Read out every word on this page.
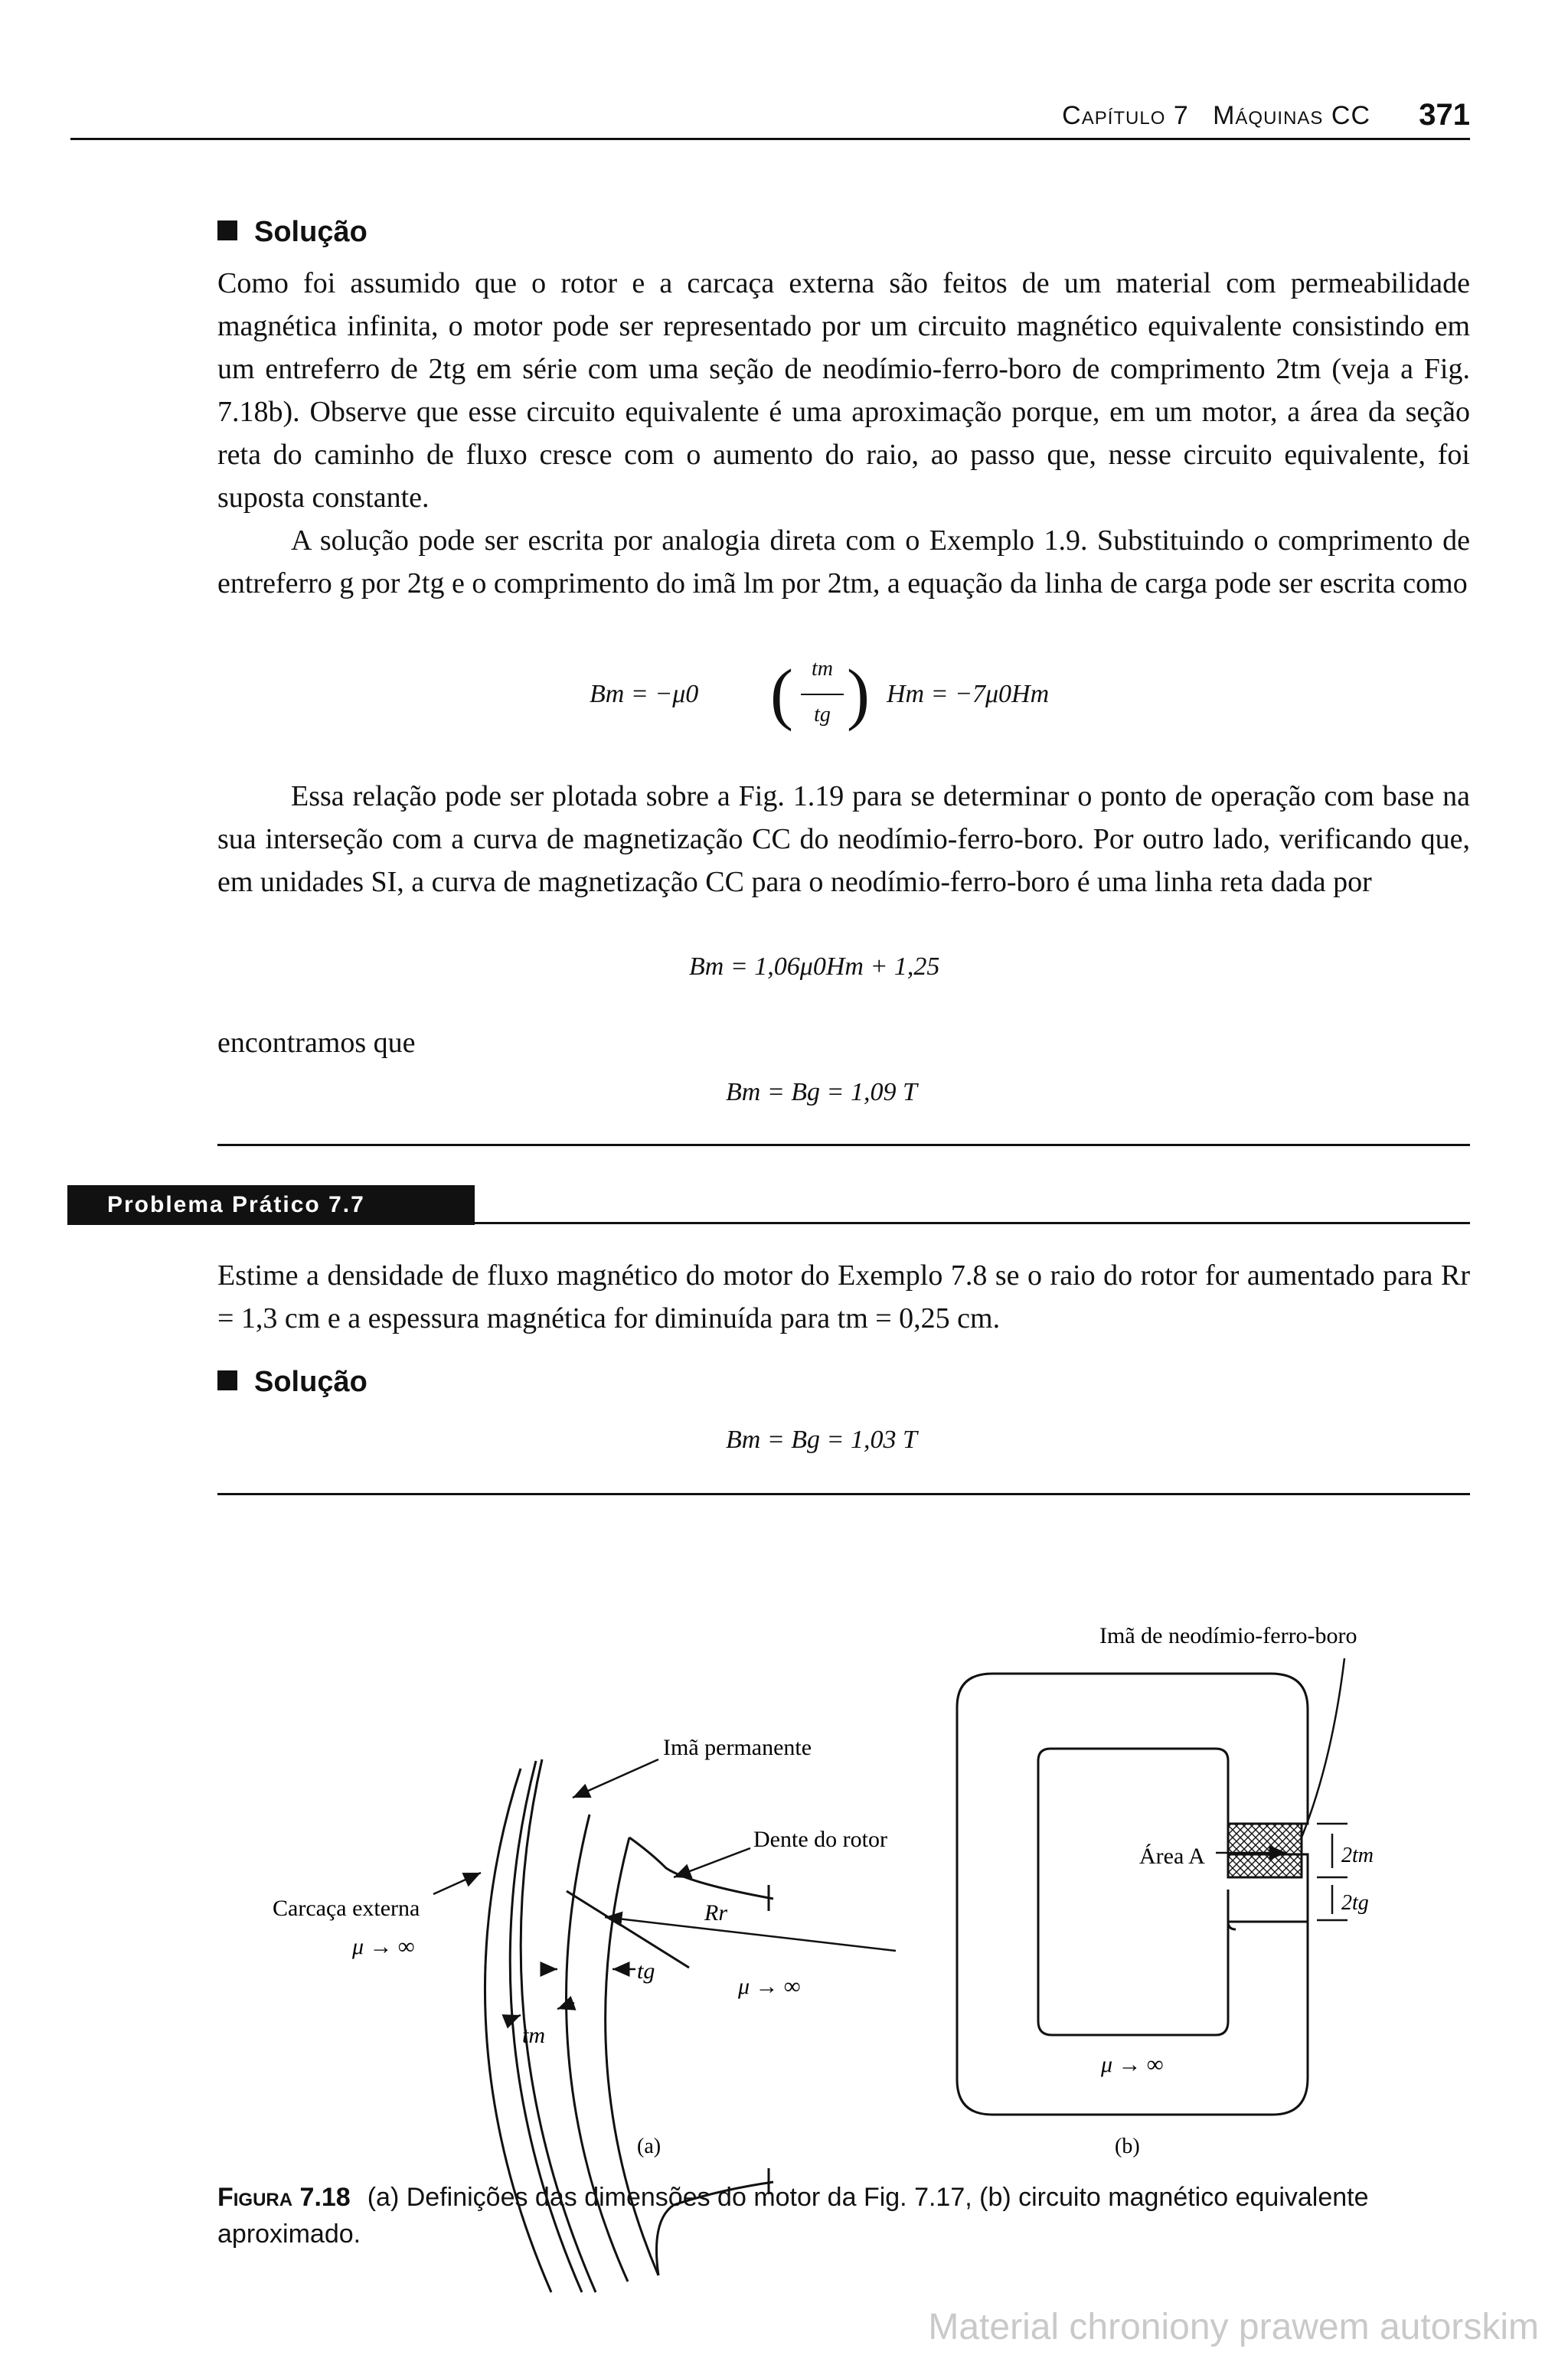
Capítulo 7 Máquinas CC 371
Solução

Como foi assumido que o rotor e a carcaça externa são feitos de um material com permeabilidade magnética infinita, o motor pode ser representado por um circuito magnético equivalente consistindo em um entreferro de 2tg em série com uma seção de neodímio-ferro-boro de comprimento 2tm (veja a Fig. 7.18b). Observe que esse circuito equivalente é uma aproximação porque, em um motor, a área da seção reta do caminho de fluxo cresce com o aumento do raio, ao passo que, nesse circuito equivalente, foi suposta constante.

A solução pode ser escrita por analogia direta com o Exemplo 1.9. Substituindo o comprimento de entreferro g por 2tg e o comprimento do imã lm por 2tm, a equação da linha de carga pode ser escrita como

Bm = −μ0 ( tm
tg ) Hm = −7μ0Hm

Essa relação pode ser plotada sobre a Fig. 1.19 para se determinar o ponto de operação com base na sua interseção com a curva de magnetização CC do neodímio-ferro-boro. Por outro lado, verificando que, em unidades SI, a curva de magnetização CC para o neodímio-ferro-boro é uma linha reta dada por

Bm = 1,06μ0Hm + 1,25

encontramos que

Bm = Bg = 1,09 T
Problema Prático 7.7

Estime a densidade de fluxo magnético do motor do Exemplo 7.8 se o raio do rotor for aumentado para Rr = 1,3 cm e a espessura magnética for diminuída para tm = 0,25 cm.

Solução
Bm = Bg = 1,03 T
Imã permanente
Dente do rotor
Carcaça externa
μ → ∞
Rr
tg
tm
μ → ∞
(a)
Imã de neodímio-ferro-boro
Área A	2tm
2tg
μ → ∞
(b)
Figura 7.18 (a) Definições das dimensões do motor da Fig. 7.17, (b) circuito magnético equivalente aproximado.
Material chroniony prawem autorskim
